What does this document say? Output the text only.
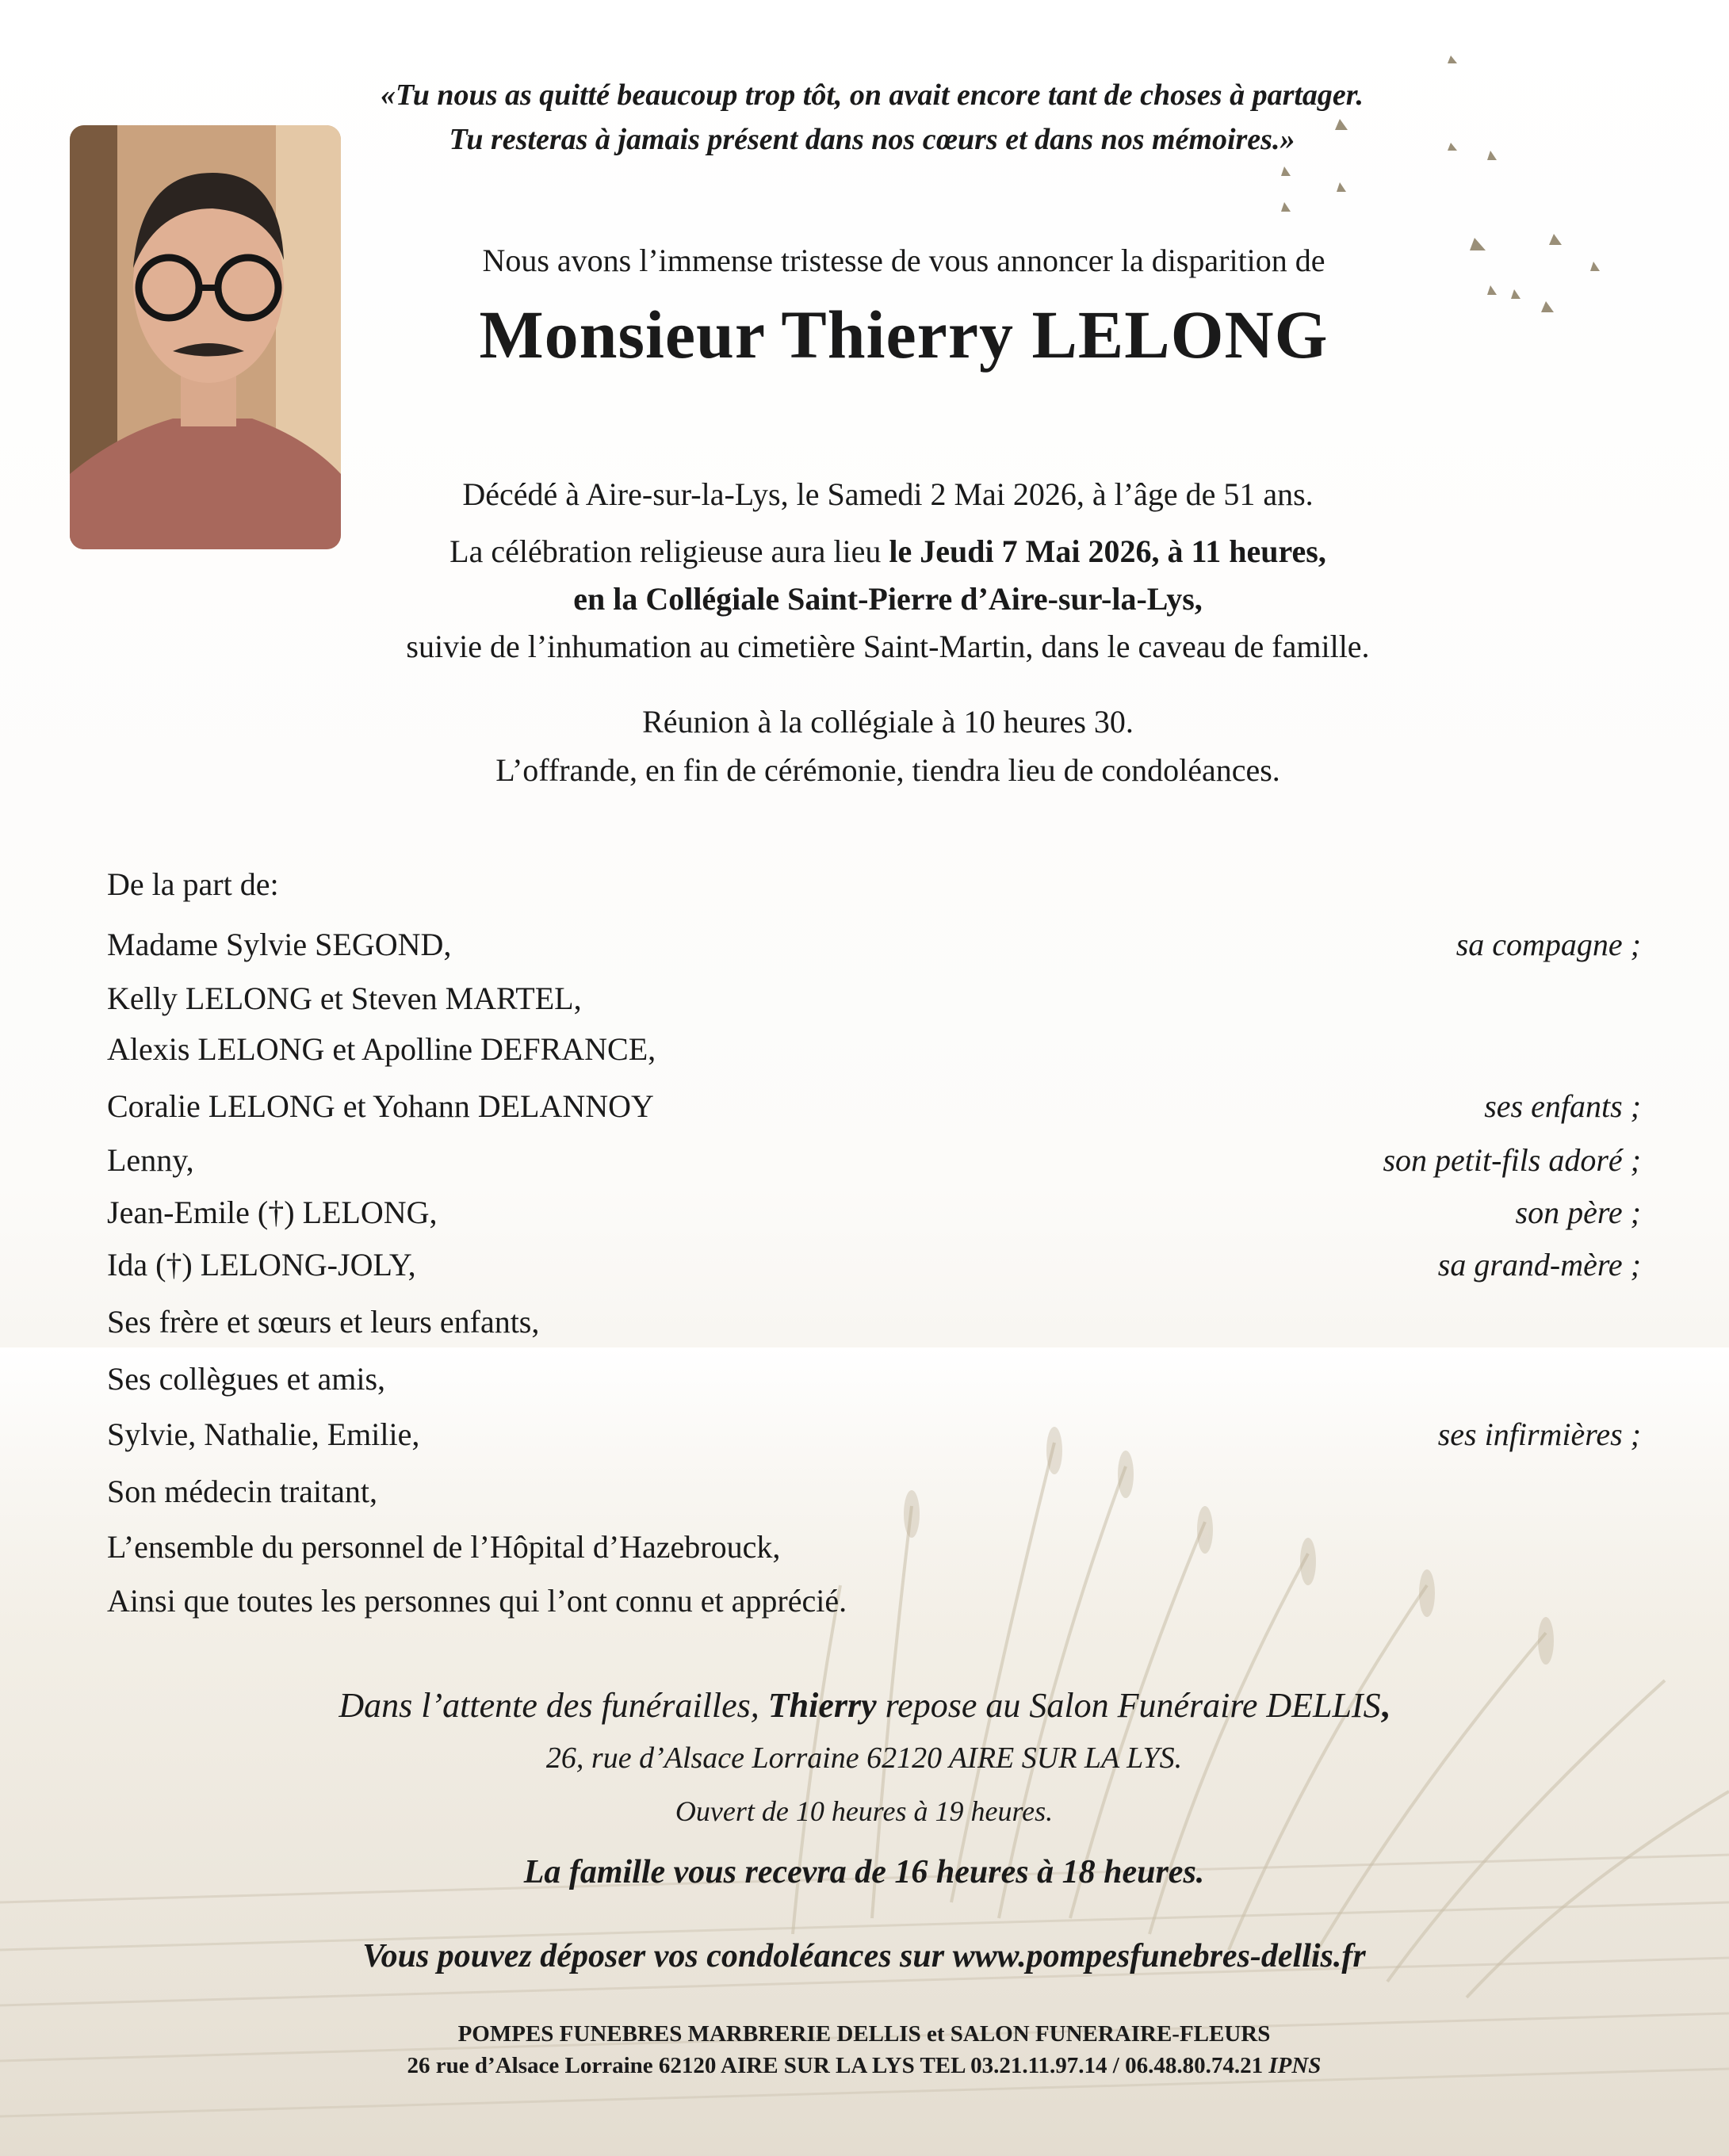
«Tu nous as quitté beaucoup trop tôt, on avait encore tant de choses à partager.
Tu resteras à jamais présent dans nos cœurs et dans nos mémoires.»
Nous avons l’immense tristesse de vous annoncer la disparition de
Monsieur Thierry LELONG
Décédé à Aire-sur-la-Lys, le Samedi 2 Mai 2026, à l’âge de 51 ans.
La célébration religieuse aura lieu le Jeudi 7 Mai 2026, à 11 heures,
en la Collégiale Saint-Pierre d’Aire-sur-la-Lys,
suivie de l’inhumation au cimetière Saint-Martin, dans le caveau de famille.
Réunion à la collégiale à 10 heures 30.
L’offrande, en fin de cérémonie, tiendra lieu de condoléances.
De la part de:
Madame Sylvie SEGOND,	sa compagne ;
Kelly LELONG et Steven MARTEL,
Alexis LELONG et Apolline DEFRANCE,
Coralie LELONG et Yohann DELANNOY	ses enfants ;
Lenny,	son petit-fils adoré ;
Jean-Emile (†) LELONG,	son père ;
Ida (†) LELONG-JOLY,	sa grand-mère ;
Ses frère et sœurs et leurs enfants,
Ses collègues et amis,
Sylvie, Nathalie, Emilie,	ses infirmières ;
Son médecin traitant,
L’ensemble du personnel de l’Hôpital d’Hazebrouck,
Ainsi que toutes les personnes qui l’ont connu et apprécié.
Dans l’attente des funérailles, Thierry repose au Salon Funéraire DELLIS,
26, rue d’Alsace Lorraine 62120 AIRE SUR LA LYS.
Ouvert de 10 heures à 19 heures.
La famille vous recevra de 16 heures à 18 heures.
Vous pouvez déposer vos condoléances sur www.pompesfunebres-dellis.fr
POMPES FUNEBRES MARBRERIE DELLIS et SALON FUNERAIRE-FLEURS
26 rue d’Alsace Lorraine 62120 AIRE SUR LA LYS TEL 03.21.11.97.14 / 06.48.80.74.21 IPNS
